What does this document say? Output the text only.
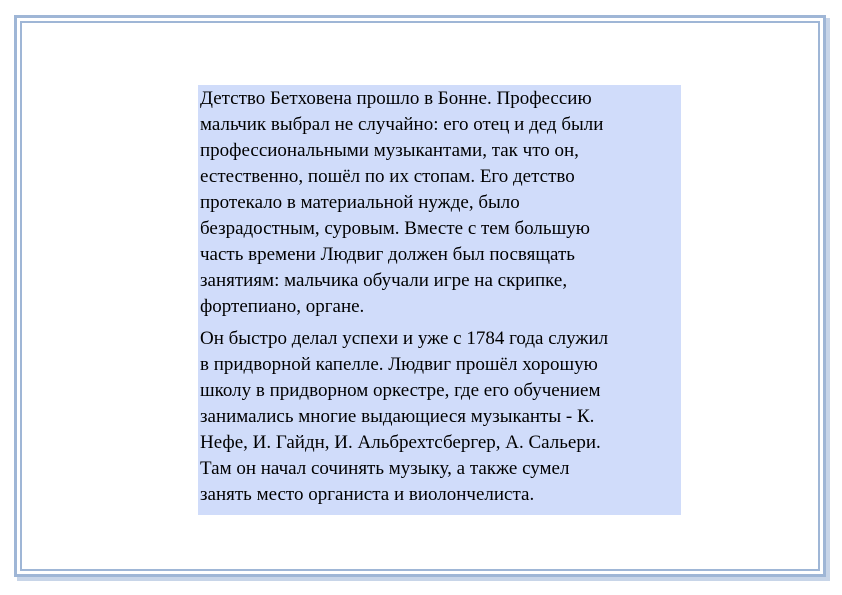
Детство Бетховена прошло в Бонне. Профессию
мальчик выбрал не случайно: его отец и дед были
профессиональными музыкантами, так что он,
естественно, пошёл по их стопам. Его детство
протекало в материальной нужде, было
безрадостным, суровым. Вместе с тем большую
часть времени Людвиг должен был посвящать
занятиям: мальчика обучали игре на скрипке,
фортепиано, органе.

Он быстро делал успехи и уже с 1784 года служил
в придворной капелле. Людвиг прошёл хорошую
школу в придворном оркестре, где его обучением
занимались многие выдающиеся музыканты - К.
Нефе, И. Гайдн, И. Альбрехтсбергер, А. Сальери.
Там он начал сочинять музыку, а также сумел
занять место органиста и виолончелиста.
